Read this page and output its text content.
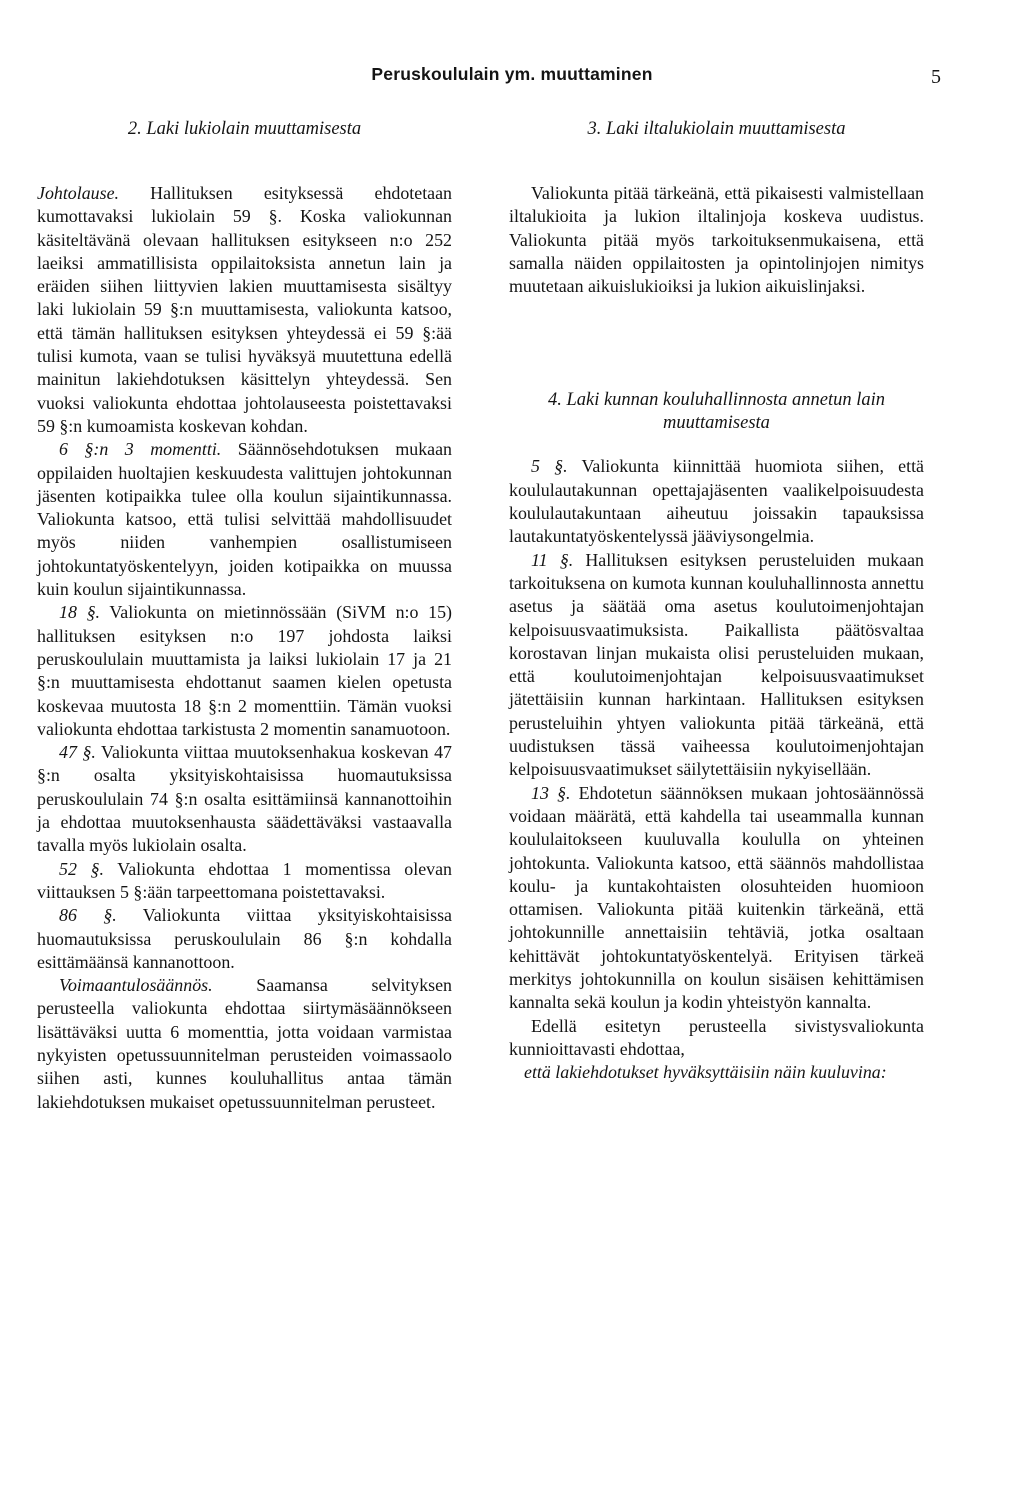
Peruskoululain ym. muuttaminen	5
2. Laki lukiolain muuttamisesta

Johtolause. Hallituksen esityksessä ehdotetaan kumottavaksi lukiolain 59 §. Koska valiokunnan käsiteltävänä olevaan hallituksen esitykseen n:o 252 laeiksi ammatillisista oppilaitoksista annetun lain ja eräiden siihen liittyvien lakien muuttamisesta sisältyy laki lukiolain 59 §:n muuttamisesta, valiokunta katsoo, että tämän hallituksen esityksen yhteydessä ei 59 §:ää tulisi kumota, vaan se tulisi hyväksyä muutettuna edellä mainitun lakiehdotuksen käsittelyn yhteydessä. Sen vuoksi valiokunta ehdottaa johtolauseesta poistettavaksi 59 §:n kumoamista koskevan kohdan.

6 §:n 3 momentti. Säännösehdotuksen mukaan oppilaiden huoltajien keskuudesta valittujen johtokunnan jäsenten kotipaikka tulee olla koulun sijaintikunnassa. Valiokunta katsoo, että tulisi selvittää mahdollisuudet myös niiden vanhempien osallistumiseen johtokuntatyöskentelyyn, joiden kotipaikka on muussa kuin koulun sijaintikunnassa.

18 §. Valiokunta on mietinnössään (SiVM n:o 15) hallituksen esityksen n:o 197 johdosta laiksi peruskoululain muuttamista ja laiksi lukiolain 17 ja 21 §:n muuttamisesta ehdottanut saamen kielen opetusta koskevaa muutosta 18 §:n 2 momenttiin. Tämän vuoksi valiokunta ehdottaa tarkistusta 2 momentin sanamuotoon.

47 §. Valiokunta viittaa muutoksenhakua koskevan 47 §:n osalta yksityiskohtaisissa huomautuksissa peruskoululain 74 §:n osalta esittämiinsä kannanottoihin ja ehdottaa muutoksenhausta säädettäväksi vastaavalla tavalla myös lukiolain osalta.

52 §. Valiokunta ehdottaa 1 momentissa olevan viittauksen 5 §:ään tarpeettomana poistettavaksi.

86 §. Valiokunta viittaa yksityiskohtaisissa huomautuksissa peruskoululain 86 §:n kohdalla esittämäänsä kannanottoon.

Voimaantulosäännös. Saamansa selvityksen perusteella valiokunta ehdottaa siirtymäsäännökseen lisättäväksi uutta 6 momenttia, jotta voidaan varmistaa nykyisten opetussuunnitelman perusteiden voimassaolo siihen asti, kunnes kouluhallitus antaa tämän lakiehdotuksen mukaiset opetussuunnitelman perusteet.

3. Laki iltalukiolain muuttamisesta

Valiokunta pitää tärkeänä, että pikaisesti valmistellaan iltalukioita ja lukion iltalinjoja koskeva uudistus. Valiokunta pitää myös tarkoituksenmukaisena, että samalla näiden oppilaitosten ja opintolinjojen nimitys muutetaan aikuislukioiksi ja lukion aikuislinjaksi.

4. Laki kunnan kouluhallinnosta annetun lain muuttamisesta

5 §. Valiokunta kiinnittää huomiota siihen, että koululautakunnan opettajajäsenten vaalikelpoisuudesta koululautakuntaan aiheutuu joissakin tapauksissa lautakuntatyöskentelyssä jääviysongelmia.

11 §. Hallituksen esityksen perusteluiden mukaan tarkoituksena on kumota kunnan kouluhallinnosta annettu asetus ja säätää oma asetus koulutoimenjohtajan kelpoisuusvaatimuksista. Paikallista päätösvaltaa korostavan linjan mukaista olisi perusteluiden mukaan, että koulutoimenjohtajan kelpoisuusvaatimukset jätettäisiin kunnan harkintaan. Hallituksen esityksen perusteluihin yhtyen valiokunta pitää tärkeänä, että uudistuksen tässä vaiheessa koulutoimenjohtajan kelpoisuusvaatimukset säilytettäisiin nykyisellään.

13 §. Ehdotetun säännöksen mukaan johtosäännössä voidaan määrätä, että kahdella tai useammalla kunnan koululaitokseen kuuluvalla koululla on yhteinen johtokunta. Valiokunta katsoo, että säännös mahdollistaa koulu- ja kuntakohtaisten olosuhteiden huomioon ottamisen. Valiokunta pitää kuitenkin tärkeänä, että johtokunnille annettaisiin tehtäviä, jotka osaltaan kehittävät johtokuntatyöskentelyä. Erityisen tärkeä merkitys johtokunnilla on koulun sisäisen kehittämisen kannalta sekä koulun ja kodin yhteistyön kannalta.

Edellä esitetyn perusteella sivistysvaliokunta kunnioittavasti ehdottaa,

että lakiehdotukset hyväksyttäisiin näin kuuluvina:
